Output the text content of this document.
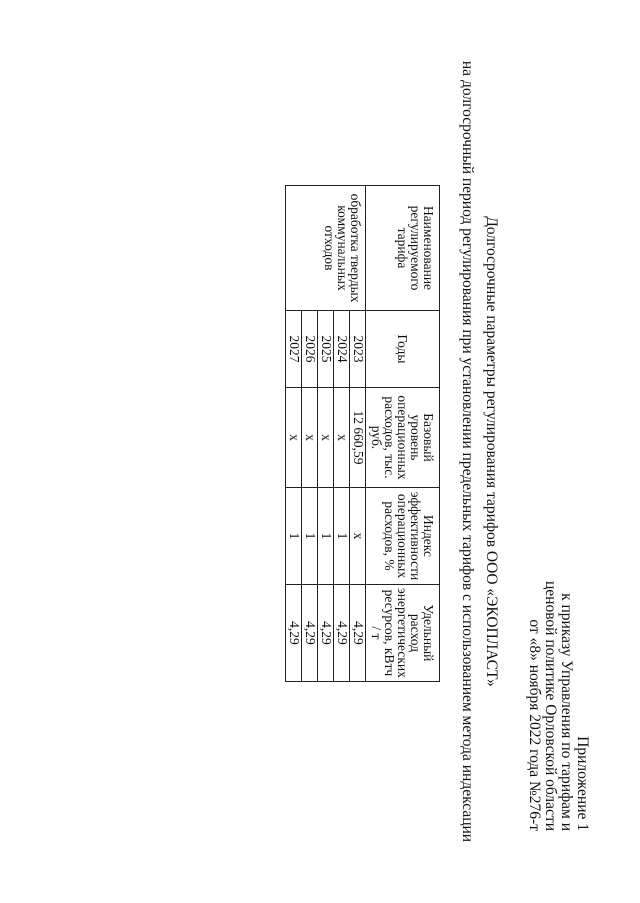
Приложение 1
к приказу Управления по тарифам и
ценовой политике Орловской области
от «8» ноября 2022 года №276-т
Долгосрочные параметры регулирования тарифов ООО «ЭКОПЛАСТ»
на долгосрочный период регулирования при установлении предельных тарифов с использованием метода индексации
Наименование регулируемого тарифа	Годы	Базовый уровень операционных расходов, тыс. руб.	Индекс эффективности операционных расходов, %	Удельный расход энергетических ресурсов, кВтч / т
обработка твердых коммунальных отходов	2023	12 660,59	x	4,29
	2024	x	1	4,29
	2025	x	1	4,29
	2026	x	1	4,29
	2027	x	1	4,29
